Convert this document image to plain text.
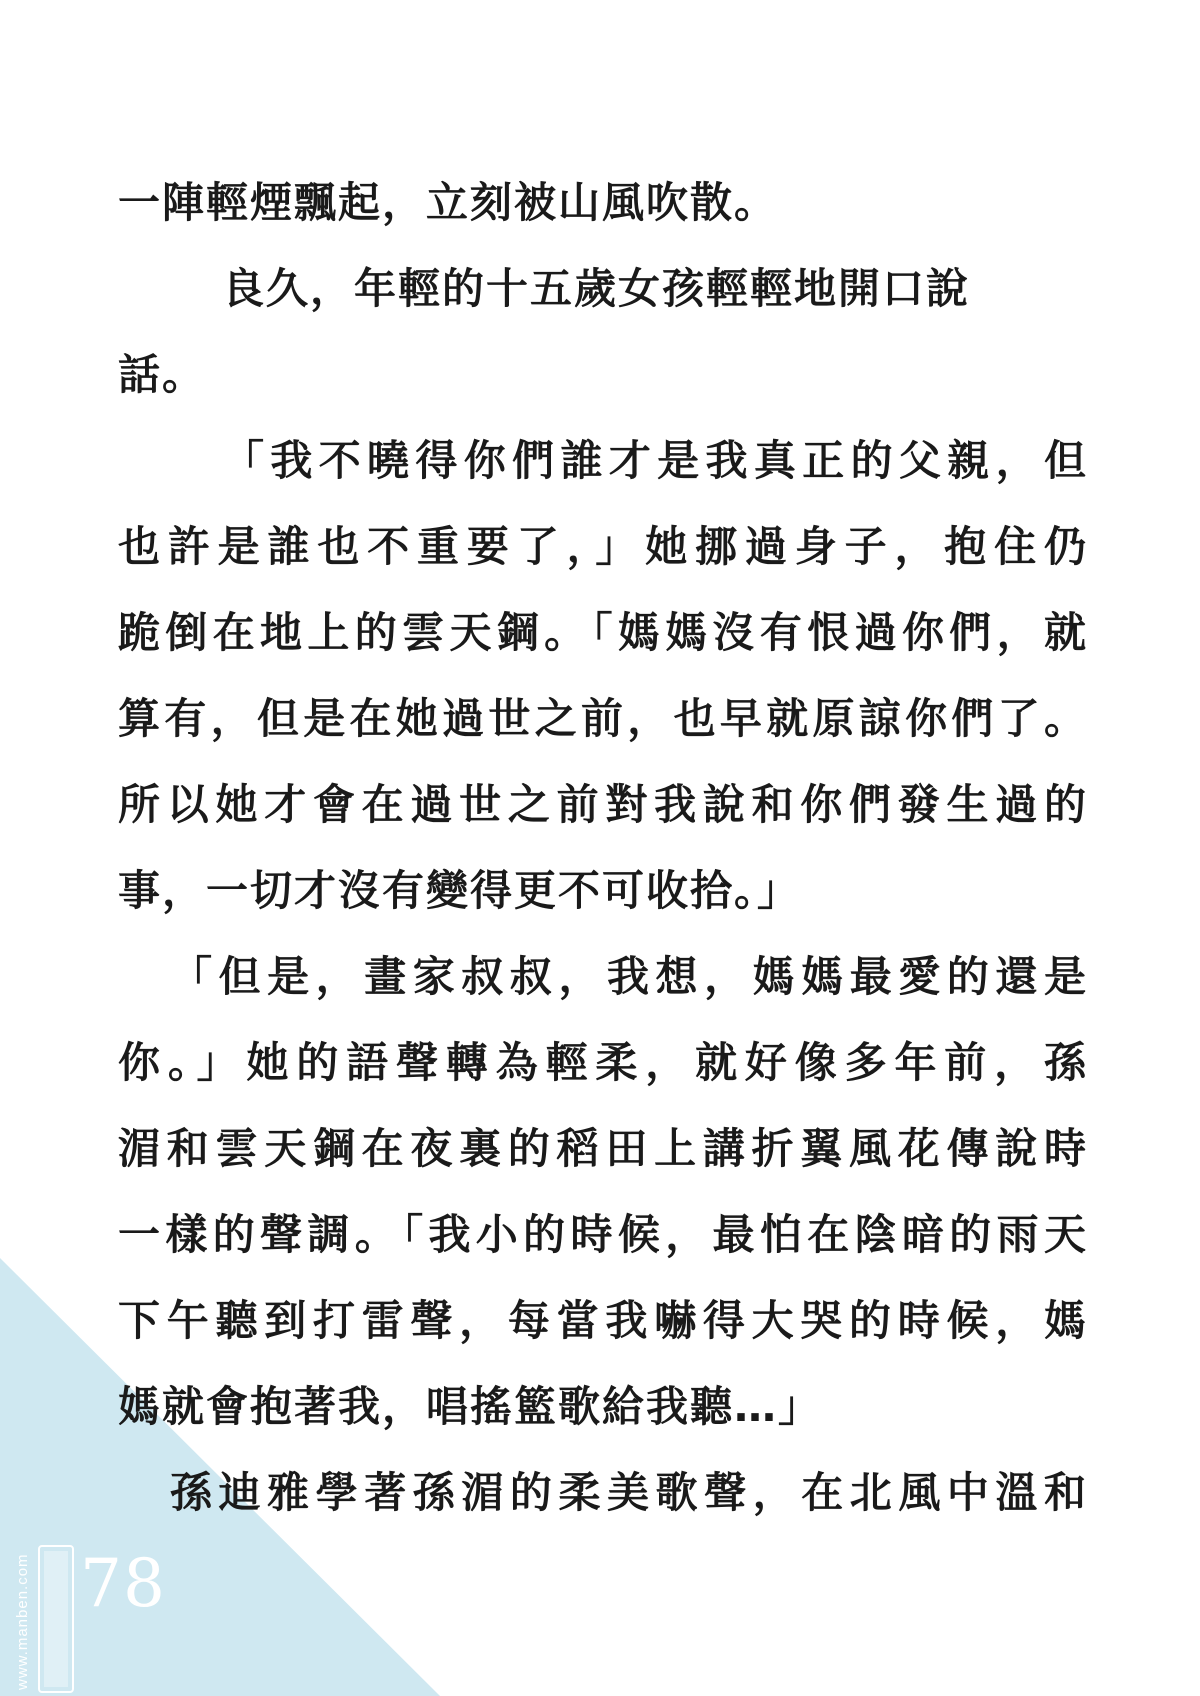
一陣輕煙飄起，立刻被山風吹散。

良久，年輕的十五歲女孩輕輕地開口說

話。

「我不曉得你們誰才是我真正的父親，但

也許是誰也不重要了，」她挪過身子，抱住仍

跪倒在地上的雲天鋼。「媽媽沒有恨過你們，就

算有，但是在她過世之前，也早就原諒你們了。

所以她才會在過世之前對我說和你們發生過的

事，一切才沒有變得更不可收拾。」

「但是，畫家叔叔，我想，媽媽最愛的還是

你。」她的語聲轉為輕柔，就好像多年前，孫

湄和雲天鋼在夜裏的稻田上講折翼風花傳說時

一樣的聲調。「我小的時候，最怕在陰暗的雨天

下午聽到打雷聲，每當我嚇得大哭的時候，媽

媽就會抱著我，唱搖籃歌給我聽…」

孫迪雅學著孫湄的柔美歌聲，在北風中溫和

www.manben.com 78
